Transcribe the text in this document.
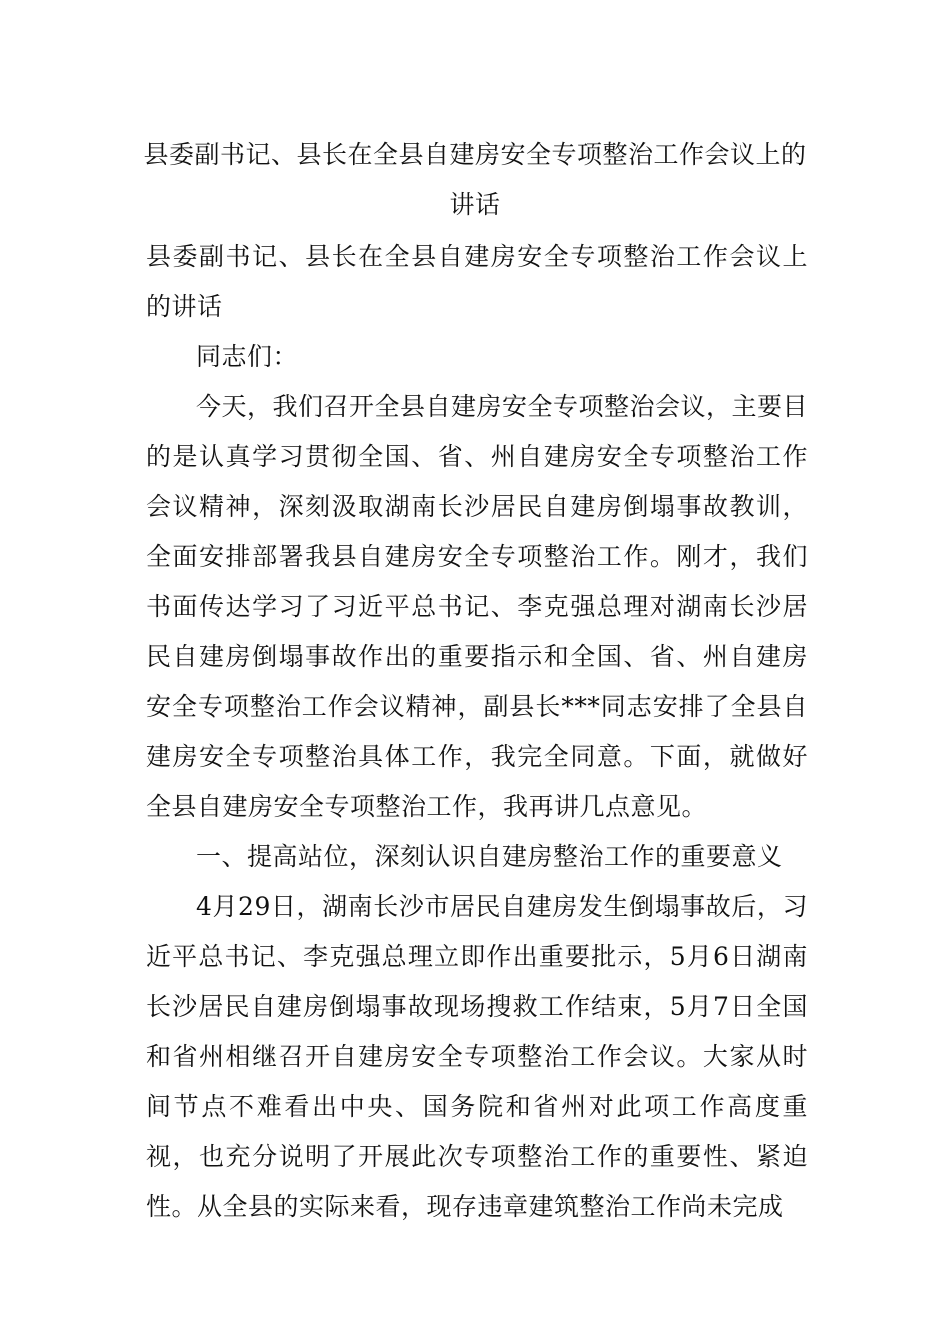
县委副书记、县长在全县自建房安全专项整治工作会议上的讲话

县委副书记、县长在全县自建房安全专项整治工作会议上的讲话

同志们：

今天，我们召开全县自建房安全专项整治会议，主要目的是认真学习贯彻全国、省、州自建房安全专项整治工作会议精神，深刻汲取湖南长沙居民自建房倒塌事故教训，全面安排部署我县自建房安全专项整治工作。刚才，我们书面传达学习了习近平总书记、李克强总理对湖南长沙居民自建房倒塌事故作出的重要指示和全国、省、州自建房安全专项整治工作会议精神，副县长***同志安排了全县自建房安全专项整治具体工作，我完全同意。下面，就做好全县自建房安全专项整治工作，我再讲几点意见。

一、提高站位，深刻认识自建房整治工作的重要意义

4月29日，湖南长沙市居民自建房发生倒塌事故后，习近平总书记、李克强总理立即作出重要批示，5月6日湖南长沙居民自建房倒塌事故现场搜救工作结束，5月7日全国和省州相继召开自建房安全专项整治工作会议。大家从时间节点不难看出中央、国务院和省州对此项工作高度重视，也充分说明了开展此次专项整治工作的重要性、紧迫性。从全县的实际来看，现存违章建筑整治工作尚未完成
